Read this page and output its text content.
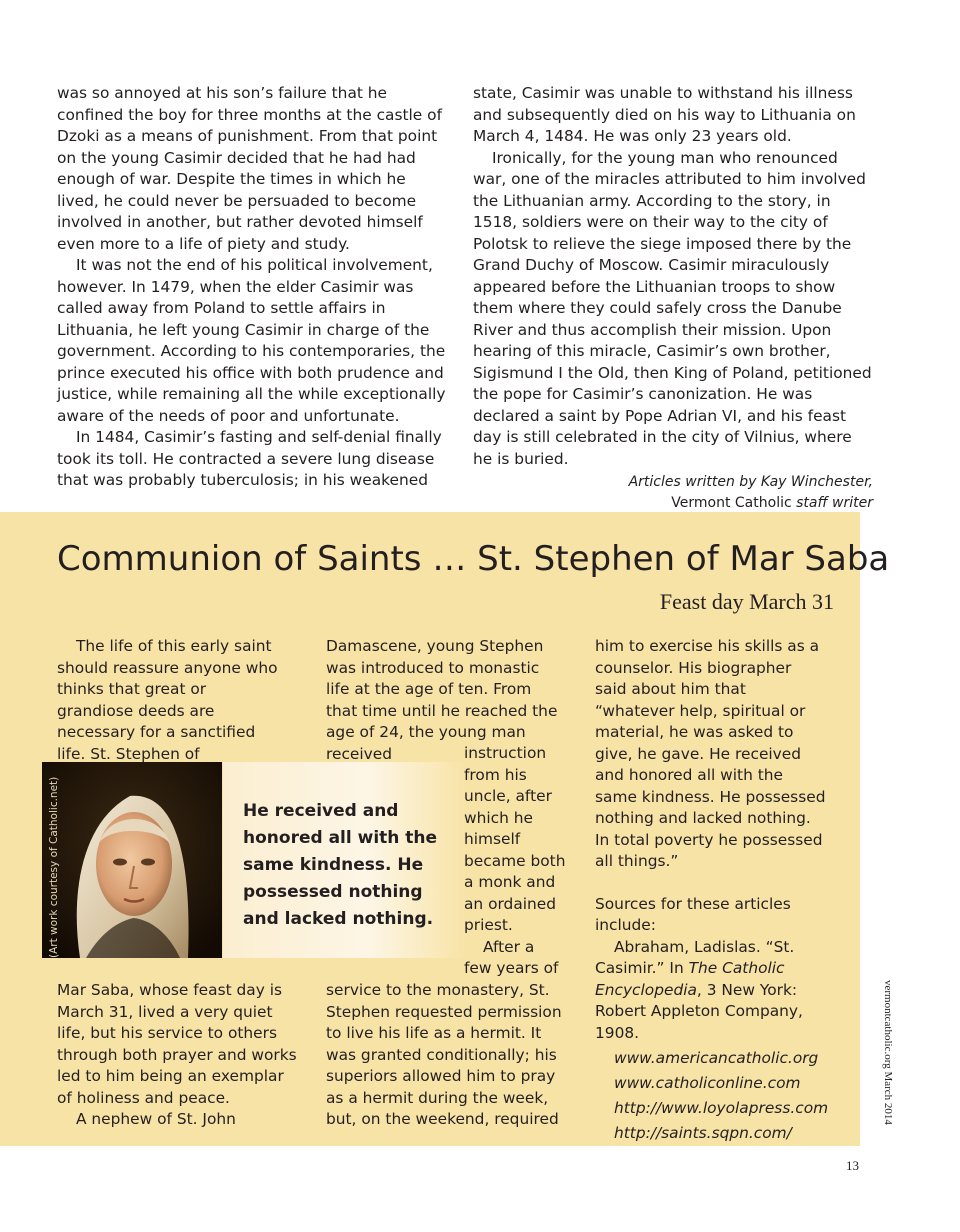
was so annoyed at his son’s failure that he confined the boy for three months at the castle of Dzoki as a means of punishment. From that point on the young Casimir decided that he had had enough of war. Despite the times in which he lived, he could never be persuaded to become involved in another, but rather devoted himself even more to a life of piety and study.

It was not the end of his political involvement, however. In 1479, when the elder Casimir was called away from Poland to settle affairs in Lithuania, he left young Casimir in charge of the government. According to his contemporaries, the prince executed his office with both prudence and justice, while remaining all the while exceptionally aware of the needs of poor and unfortunate.

In 1484, Casimir’s fasting and self-denial finally took its toll. He contracted a severe lung disease that was probably tuberculosis; in his weakened

state, Casimir was unable to withstand his illness and subsequently died on his way to Lithuania on March 4, 1484. He was only 23 years old.

Ironically, for the young man who renounced war, one of the miracles attributed to him involved the Lithuanian army. According to the story, in 1518, soldiers were on their way to the city of Polotsk to relieve the siege imposed there by the Grand Duchy of Moscow. Casimir miraculously appeared before the Lithuanian troops to show them where they could safely cross the Danube River and thus accomplish their mission. Upon hearing of this miracle, Casimir’s own brother, Sigismund I the Old, then King of Poland, petitioned the pope for Casimir’s canonization. He was declared a saint by Pope Adrian VI, and his feast day is still celebrated in the city of Vilnius, where he is buried.

Articles written by Kay Winchester,
Vermont Catholic staff writer
Communion of Saints … St. Stephen of Mar Saba
Feast day March 31

The life of this early saint should reassure anyone who thinks that great or grandiose deeds are necessary for a sanctified life. St. Stephen of

(Art work courtesy of Catholic.net)	He received and honored all with the same kindness. He possessed nothing and lacked nothing.

Mar Saba, whose feast day is March 31, lived a very quiet life, but his service to others through both prayer and works led to him being an exemplar of holiness and peace.

A nephew of St. John

Damascene, young Stephen was introduced to monastic life at the age of ten. From that time until he reached the age of 24, the young man received	instruction from his uncle, after which he himself became both a monk and an ordained priest.

After a few years of

service to the monastery, St. Stephen requested permission to live his life as a hermit. It was granted conditionally; his superiors allowed him to pray as a hermit during the week, but, on the weekend, required

him to exercise his skills as a counselor. His biographer said about him that “whatever help, spiritual or material, he was asked to give, he gave. He received and honored all with the same kindness. He possessed nothing and lacked nothing. In total poverty he possessed all things.”

Sources for these articles include:

Abraham, Ladislas. “St. Casimir.” In The Catholic Encyclopedia, 3 New York: Robert Appleton Company, 1908.

www.americancatholic.org
www.catholiconline.com
http://www.loyolapress.com
http://saints.sqpn.com/
vermontcatholic.org March 2014
13
